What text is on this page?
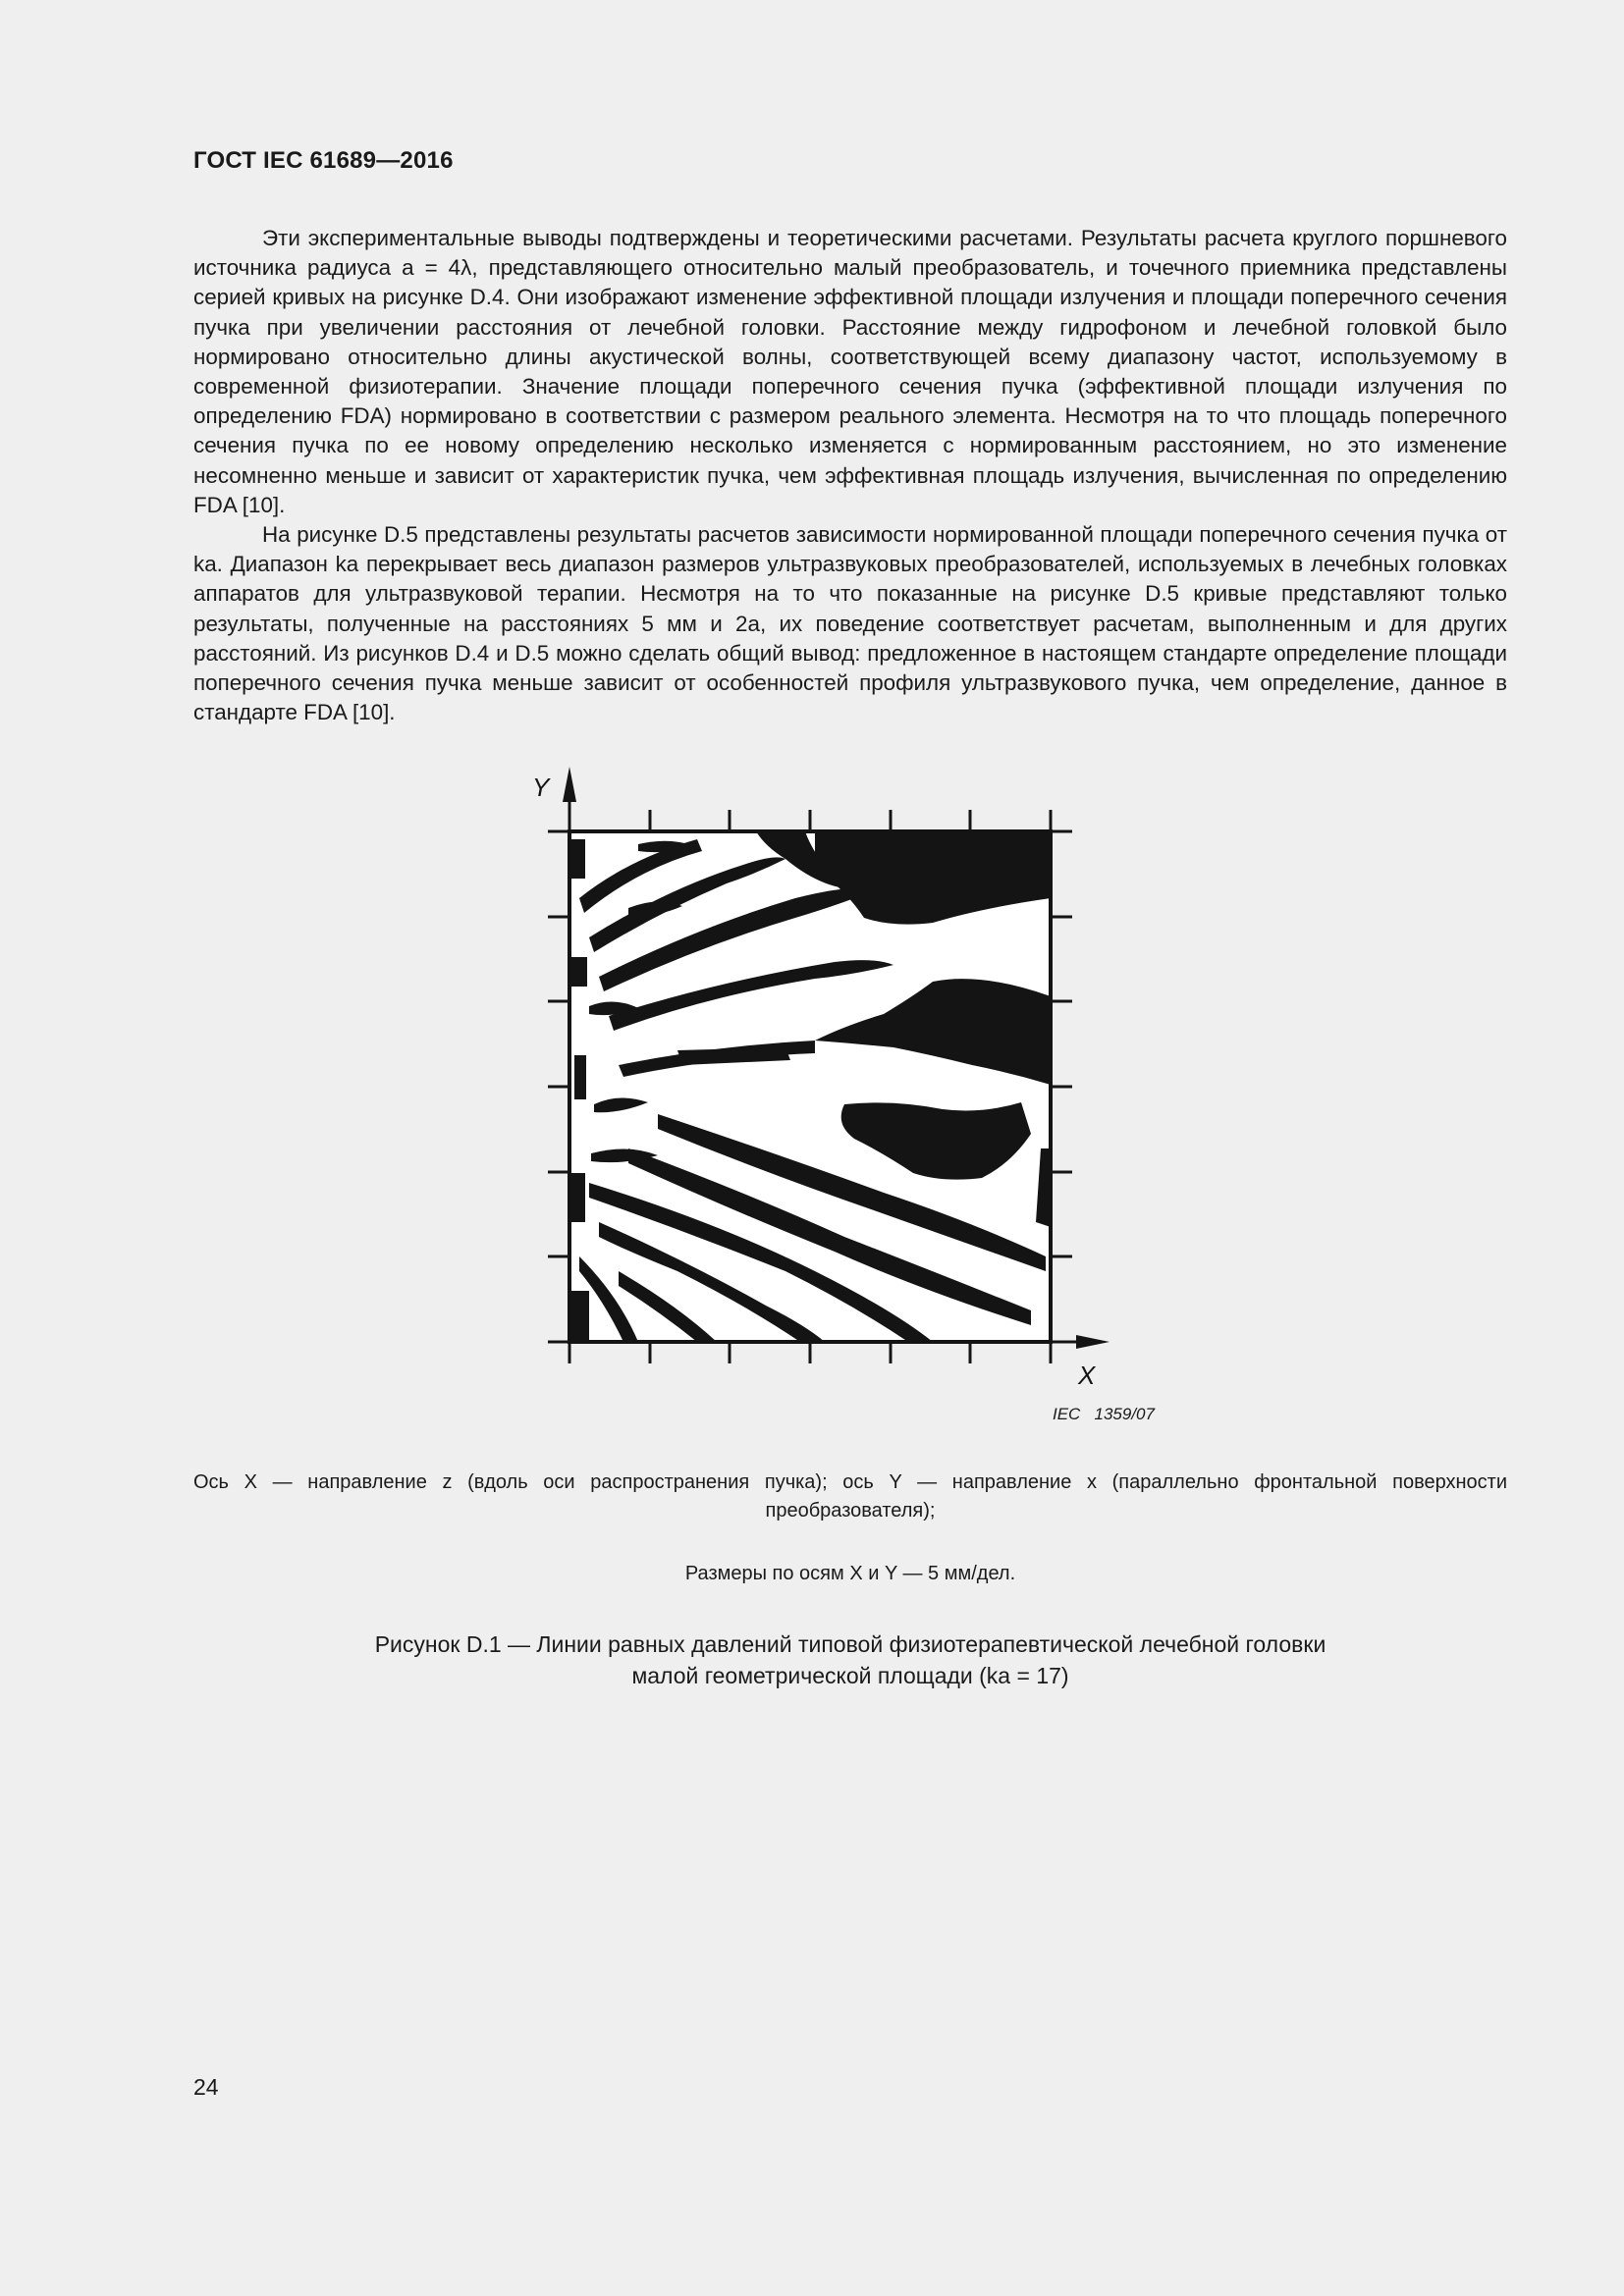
ГОСТ IEC 61689—2016

Эти экспериментальные выводы подтверждены и теоретическими расчетами. Результаты расчета круглого поршневого источника радиуса a = 4λ, представляющего относительно малый преобразователь, и точечного приемника представлены серией кривых на рисунке D.4. Они изображают изменение эффективной площади излучения и площади поперечного сечения пучка при увеличении расстояния от лечебной головки. Расстояние между гидрофоном и лечебной головкой было нормировано относительно длины акустической волны, соответствующей всему диапазону частот, используемому в современной физиотерапии. Значение площади поперечного сечения пучка (эффективной площади излучения по определению FDA) нормировано в соответствии с размером реального элемента. Несмотря на то что площадь поперечного сечения пучка по ее новому определению несколько изменяется с нормированным расстоянием, но это изменение несомненно меньше и зависит от характеристик пучка, чем эффективная площадь излучения, вычисленная по определению FDA [10].

На рисунке D.5 представлены результаты расчетов зависимости нормированной площади поперечного сечения пучка от ka. Диапазон ka перекрывает весь диапазон размеров ультразвуковых преобразователей, используемых в лечебных головках аппаратов для ультразвуковой терапии. Несмотря на то что показанные на рисунке D.5 кривые представляют только результаты, полученные на расстояниях 5 мм и 2a, их поведение соответствует расчетам, выполненным и для других расстояний. Из рисунков D.4 и D.5 можно сделать общий вывод: предложенное в настоящем стандарте определение площади поперечного сечения пучка меньше зависит от особенностей профиля ультразвукового пучка, чем определение, данное в стандарте FDA [10].

Y
X
IEC   1359/07
Ось X — направление z (вдоль оси распространения пучка); ось Y — направление x (параллельно фронтальной поверхности преобразователя);
Размеры по осям X и Y — 5 мм/дел.
Рисунок D.1 — Линии равных давлений типовой физиотерапевтической лечебной головки
малой геометрической площади (ka = 17)
24
